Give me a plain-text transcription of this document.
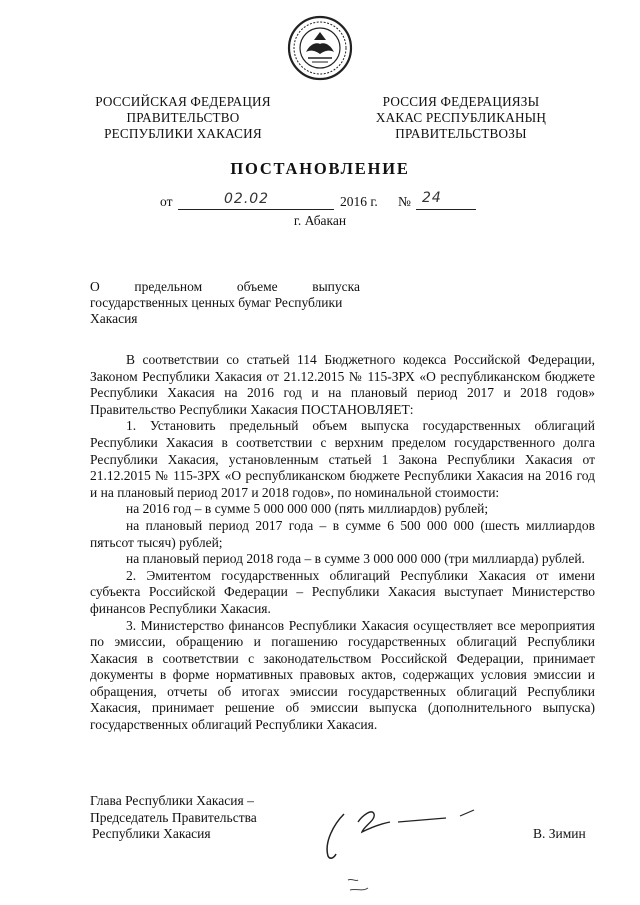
РОССИЙСКАЯ ФЕДЕРАЦИЯ
ПРАВИТЕЛЬСТВО
РЕСПУБЛИКИ ХАКАСИЯ
РОССИЯ ФЕДЕРАЦИЯЗЫ
ХАКАС РЕСПУБЛИКАНЫҢ
ПРАВИТЕЛЬСТВОЗЫ
ПОСТАНОВЛЕНИЕ
от	02.02	2016 г. № 24
г. Абакан

О предельном объеме выпуска

государственных ценных бумаг Республики

Хакасия

В соответствии со статьей 114 Бюджетного кодекса Российской Федерации, Законом Республики Хакасия от 21.12.2015 № 115-ЗРХ «О республиканском бюджете Республики Хакасия на 2016 год и на плановый период 2017 и 2018 годов» Правительство Республики Хакасия ПОСТАНОВЛЯЕТ:

1. Установить предельный объем выпуска государственных облигаций Республики Хакасия в соответствии с верхним пределом государственного долга Республики Хакасия, установленным статьей 1 Закона Республики Хакасия от 21.12.2015 № 115-ЗРХ «О республиканском бюджете Республики Хакасия на 2016 год и на плановый период 2017 и 2018 годов», по номинальной стоимости:

на 2016 год – в сумме 5 000 000 000 (пять миллиардов) рублей;

на плановый период 2017 года – в сумме 6 500 000 000 (шесть миллиардов пятьсот тысяч) рублей;

на плановый период 2018 года – в сумме 3 000 000 000 (три миллиарда) рублей.

2. Эмитентом государственных облигаций Республики Хакасия от имени субъекта Российской Федерации – Республики Хакасия выступает Министерство финансов Республики Хакасия.

3. Министерство финансов Республики Хакасия осуществляет все мероприятия по эмиссии, обращению и погашению государственных облигаций Республики Хакасия в соответствии с законодательством Российской Федерации, принимает документы в форме нормативных правовых актов, содержащих условия эмиссии и обращения, отчеты об итогах эмиссии государственных облигаций Республики Хакасия, принимает решение об эмиссии выпуска (дополнительного выпуска) государственных облигаций Республики Хакасия.

Глава Республики Хакасия –
Председатель Правительства
Республики Хакасия	В. Зимин
